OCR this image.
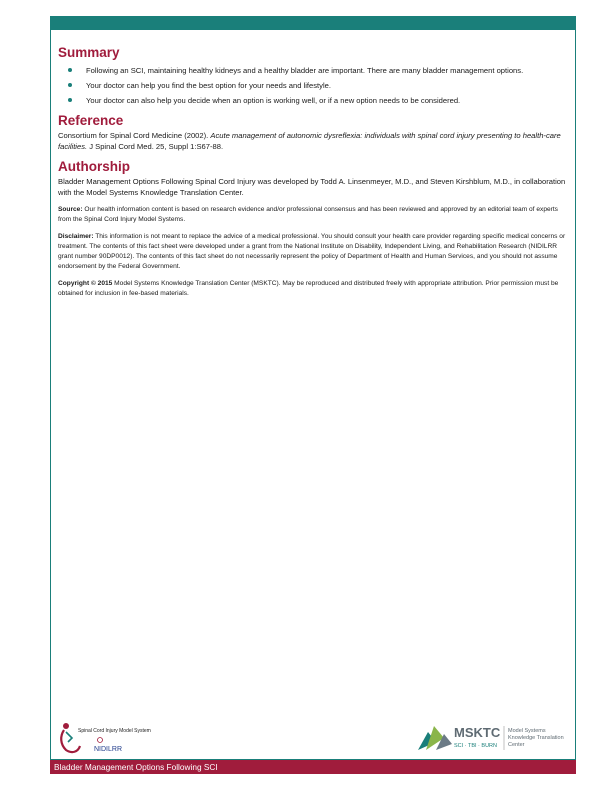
Summary
Following an SCI, maintaining healthy kidneys and a healthy bladder are important. There are many bladder management options.
Your doctor can help you find the best option for your needs and lifestyle.
Your doctor can also help you decide when an option is working well, or if a new option needs to be considered.
Reference

Consortium for Spinal Cord Medicine (2002). Acute management of autonomic dysreflexia: individuals with spinal cord injury presenting to health-care facilities. J Spinal Cord Med. 25, Suppl 1:S67-88.

Authorship

Bladder Management Options Following Spinal Cord Injury was developed by Todd A. Linsenmeyer, M.D., and Steven Kirshblum, M.D., in collaboration with the Model Systems Knowledge Translation Center.

Source: Our health information content is based on research evidence and/or professional consensus and has been reviewed and approved by an editorial team of experts from the Spinal Cord Injury Model Systems.

Disclaimer: This information is not meant to replace the advice of a medical professional. You should consult your health care provider regarding specific medical concerns or treatment. The contents of this fact sheet were developed under a grant from the National Institute on Disability, Independent Living, and Rehabilitation Research (NIDILRR grant number 90DP0012). The contents of this fact sheet do not necessarily represent the policy of Department of Health and Human Services, and you should not assume endorsement by the Federal Government.

Copyright © 2015 Model Systems Knowledge Translation Center (MSKTC). May be reproduced and distributed freely with appropriate attribution. Prior permission must be obtained for inclusion in fee-based materials.

Spinal Cord Injury Model System
NIDILRR
MSKTC
SCI · TBI · BURN
Model Systems
Knowledge Translation
Center
Bladder Management Options Following SCI
